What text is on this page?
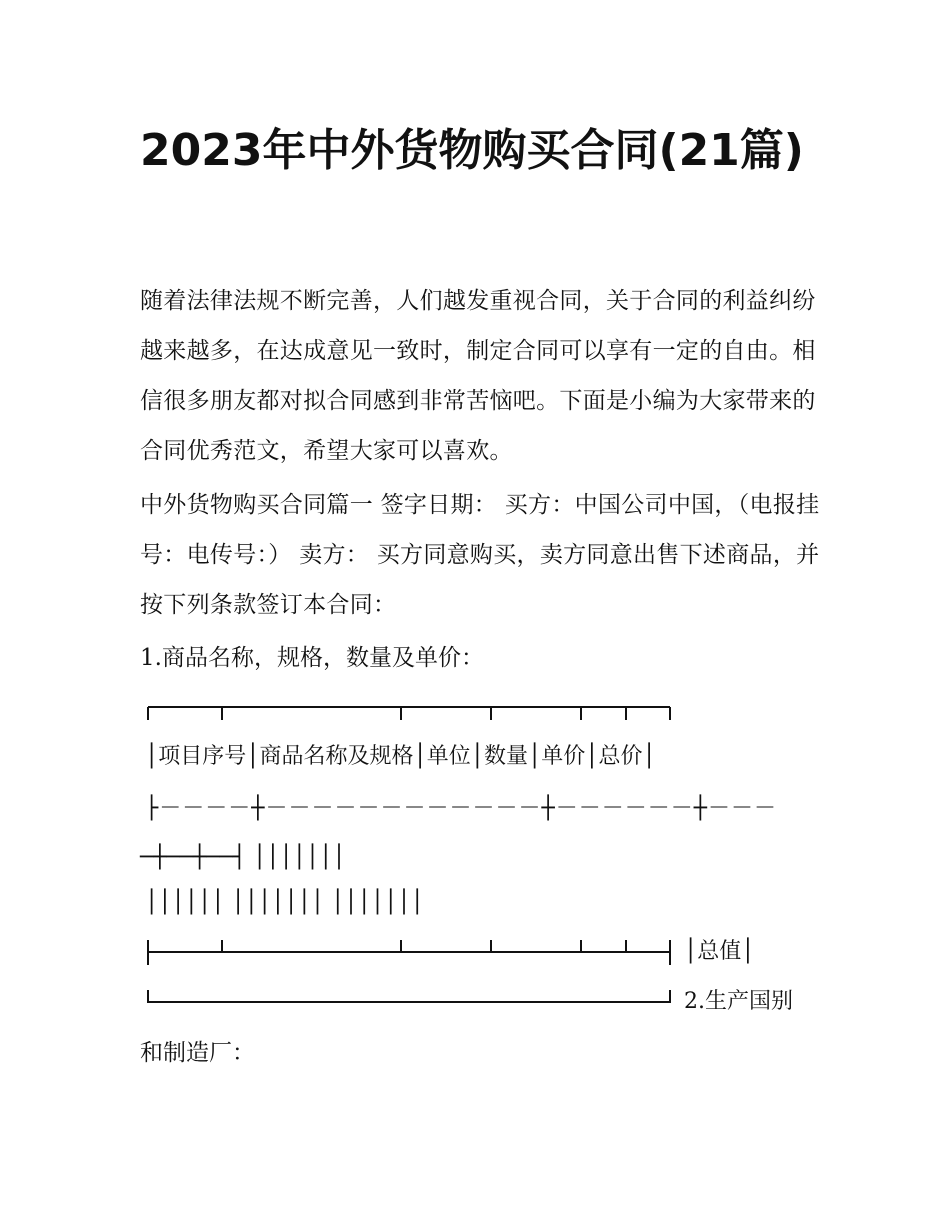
2023年中外货物购买合同(21篇)

随着法律法规不断完善，人们越发重视合同，关于合同的利益纠纷越来越多，在达成意见一致时，制定合同可以享有一定的自由。相信很多朋友都对拟合同感到非常苦恼吧。下面是小编为大家带来的合同优秀范文，希望大家可以喜欢。

中外货物购买合同篇一 签字日期： 买方：中国公司中国，（电报挂号：电传号：） 卖方： 买方同意购买，卖方同意出售下述商品，并按下列条款签订本合同：

1.商品名称，规格，数量及单价：

│项目序号│商品名称及规格│单位│数量│单价│总价│
├－－－－┼－－－－－－－－－－－－┼－－－－－－┼－－－
─┼──┼──┤ │││││││
││││││ │││││││ │││││││
│总值│
2.生产国别

和制造厂：
